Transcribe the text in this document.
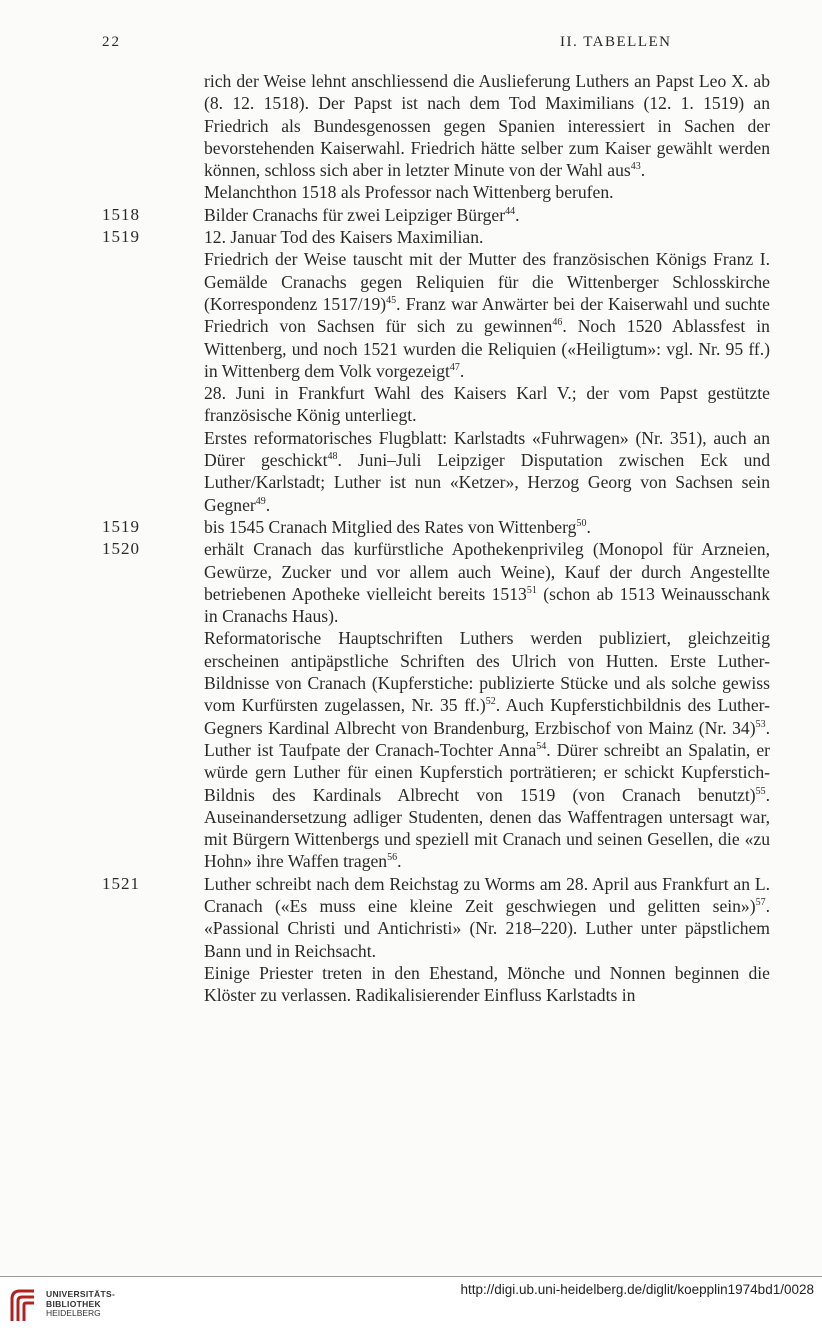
22	II. TABELLEN

rich der Weise lehnt anschliessend die Auslieferung Luthers an Papst Leo X. ab (8. 12. 1518). Der Papst ist nach dem Tod Maximilians (12. 1. 1519) an Friedrich als Bundesgenossen gegen Spanien interessiert in Sachen der bevorstehenden Kaiserwahl. Friedrich hätte selber zum Kaiser gewählt werden können, schloss sich aber in letzter Minute von der Wahl aus$^{43}$.

Melanchthon 1518 als Professor nach Wittenberg berufen.

1518	Bilder Cranachs für zwei Leipziger Bürger$^{44}$.

1519	12. Januar Tod des Kaisers Maximilian.

Friedrich der Weise tauscht mit der Mutter des französischen Königs Franz I. Gemälde Cranachs gegen Reliquien für die Wittenberger Schlosskirche (Korrespondenz 1517/19)$^{45}$. Franz war Anwärter bei der Kaiserwahl und suchte Friedrich von Sachsen für sich zu gewinnen$^{46}$. Noch 1520 Ablassfest in Wittenberg, und noch 1521 wurden die Reliquien («Heiligtum»: vgl. Nr. 95 ff.) in Wittenberg dem Volk vorgezeigt$^{47}$.

28. Juni in Frankfurt Wahl des Kaisers Karl V.; der vom Papst gestützte französische König unterliegt.

Erstes reformatorisches Flugblatt: Karlstadts «Fuhrwagen» (Nr. 351), auch an Dürer geschickt$^{48}$. Juni–Juli Leipziger Disputation zwischen Eck und Luther/Karlstadt; Luther ist nun «Ketzer», Herzog Georg von Sachsen sein Gegner$^{49}$.

1519	bis 1545 Cranach Mitglied des Rates von Wittenberg$^{50}$.

1520	erhält Cranach das kurfürstliche Apothekenprivileg (Monopol für Arzneien, Gewürze, Zucker und vor allem auch Weine), Kauf der durch Angestellte betriebenen Apotheke vielleicht bereits 1513$^{51}$ (schon ab 1513 Weinausschank in Cranachs Haus).

Reformatorische Hauptschriften Luthers werden publiziert, gleichzeitig erscheinen antipäpstliche Schriften des Ulrich von Hutten. Erste Luther-Bildnisse von Cranach (Kupferstiche: publizierte Stücke und als solche gewiss vom Kurfürsten zugelassen, Nr. 35 ff.)$^{52}$. Auch Kupferstichbildnis des Luther-Gegners Kardinal Albrecht von Brandenburg, Erzbischof von Mainz (Nr. 34)$^{53}$. Luther ist Taufpate der Cranach-Tochter Anna$^{54}$. Dürer schreibt an Spalatin, er würde gern Luther für einen Kupferstich porträtieren; er schickt Kupferstich-Bildnis des Kardinals Albrecht von 1519 (von Cranach benutzt)$^{55}$. Auseinandersetzung adliger Studenten, denen das Waffentragen untersagt war, mit Bürgern Wittenbergs und speziell mit Cranach und seinen Gesellen, die «zu Hohn» ihre Waffen tragen$^{56}$.

1521	Luther schreibt nach dem Reichstag zu Worms am 28. April aus Frankfurt an L. Cranach («Es muss eine kleine Zeit geschwiegen und gelitten sein»)$^{57}$. «Passional Christi und Antichristi» (Nr. 218–220). Luther unter päpstlichem Bann und in Reichsacht.

Einige Priester treten in den Ehestand, Mönche und Nonnen beginnen die Klöster zu verlassen. Radikalisierender Einfluss Karlstadts in

UNIVERSITÄTS-
BIBLIOTHEK
HEIDELBERG
http://digi.ub.uni-heidelberg.de/diglit/koepplin1974bd1/0028
